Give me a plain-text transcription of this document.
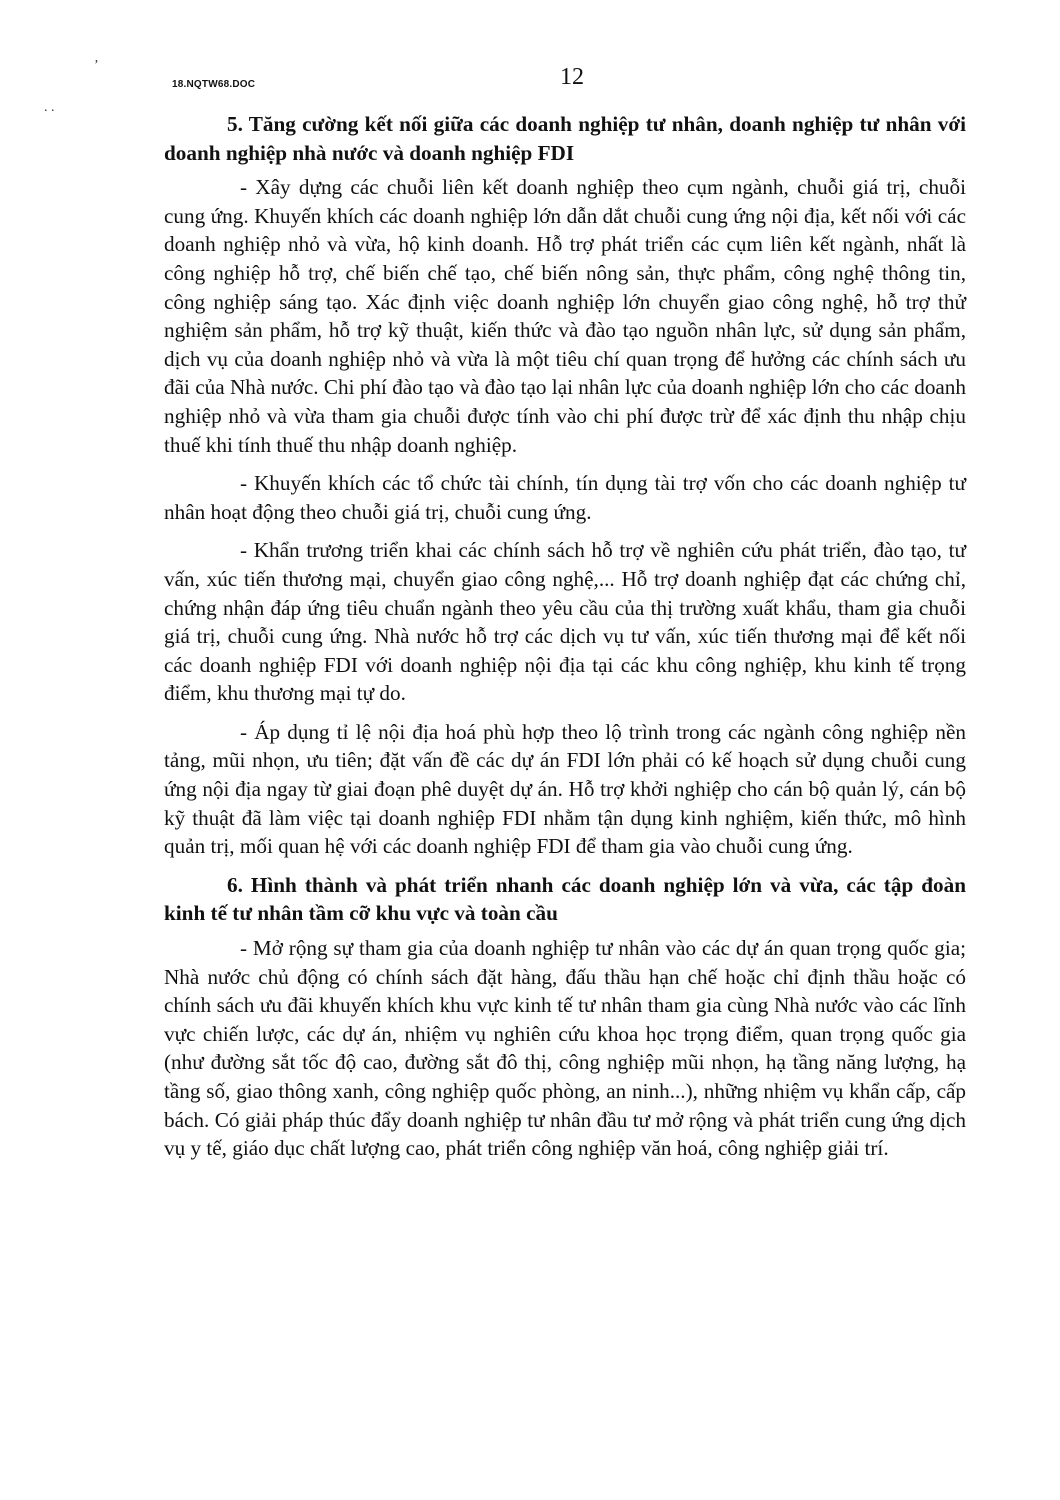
ʼ
. .
18.NQTW68.DOC	12

5. Tăng cường kết nối giữa các doanh nghiệp tư nhân, doanh nghiệp tư nhân với doanh nghiệp nhà nước và doanh nghiệp FDI

- Xây dựng các chuỗi liên kết doanh nghiệp theo cụm ngành, chuỗi giá trị, chuỗi cung ứng. Khuyến khích các doanh nghiệp lớn dẫn dắt chuỗi cung ứng nội địa, kết nối với các doanh nghiệp nhỏ và vừa, hộ kinh doanh. Hỗ trợ phát triển các cụm liên kết ngành, nhất là công nghiệp hỗ trợ, chế biến chế tạo, chế biến nông sản, thực phẩm, công nghệ thông tin, công nghiệp sáng tạo. Xác định việc doanh nghiệp lớn chuyển giao công nghệ, hỗ trợ thử nghiệm sản phẩm, hỗ trợ kỹ thuật, kiến thức và đào tạo nguồn nhân lực, sử dụng sản phẩm, dịch vụ của doanh nghiệp nhỏ và vừa là một tiêu chí quan trọng để hưởng các chính sách ưu đãi của Nhà nước. Chi phí đào tạo và đào tạo lại nhân lực của doanh nghiệp lớn cho các doanh nghiệp nhỏ và vừa tham gia chuỗi được tính vào chi phí được trừ để xác định thu nhập chịu thuế khi tính thuế thu nhập doanh nghiệp.

- Khuyến khích các tổ chức tài chính, tín dụng tài trợ vốn cho các doanh nghiệp tư nhân hoạt động theo chuỗi giá trị, chuỗi cung ứng.

- Khẩn trương triển khai các chính sách hỗ trợ về nghiên cứu phát triển, đào tạo, tư vấn, xúc tiến thương mại, chuyển giao công nghệ,... Hỗ trợ doanh nghiệp đạt các chứng chỉ, chứng nhận đáp ứng tiêu chuẩn ngành theo yêu cầu của thị trường xuất khẩu, tham gia chuỗi giá trị, chuỗi cung ứng. Nhà nước hỗ trợ các dịch vụ tư vấn, xúc tiến thương mại để kết nối các doanh nghiệp FDI với doanh nghiệp nội địa tại các khu công nghiệp, khu kinh tế trọng điểm, khu thương mại tự do.

- Áp dụng tỉ lệ nội địa hoá phù hợp theo lộ trình trong các ngành công nghiệp nền tảng, mũi nhọn, ưu tiên; đặt vấn đề các dự án FDI lớn phải có kế hoạch sử dụng chuỗi cung ứng nội địa ngay từ giai đoạn phê duyệt dự án. Hỗ trợ khởi nghiệp cho cán bộ quản lý, cán bộ kỹ thuật đã làm việc tại doanh nghiệp FDI nhằm tận dụng kinh nghiệm, kiến thức, mô hình quản trị, mối quan hệ với các doanh nghiệp FDI để tham gia vào chuỗi cung ứng.

6. Hình thành và phát triển nhanh các doanh nghiệp lớn và vừa, các tập đoàn kinh tế tư nhân tầm cỡ khu vực và toàn cầu

- Mở rộng sự tham gia của doanh nghiệp tư nhân vào các dự án quan trọng quốc gia; Nhà nước chủ động có chính sách đặt hàng, đấu thầu hạn chế hoặc chỉ định thầu hoặc có chính sách ưu đãi khuyến khích khu vực kinh tế tư nhân tham gia cùng Nhà nước vào các lĩnh vực chiến lược, các dự án, nhiệm vụ nghiên cứu khoa học trọng điểm, quan trọng quốc gia (như đường sắt tốc độ cao, đường sắt đô thị, công nghiệp mũi nhọn, hạ tầng năng lượng, hạ tầng số, giao thông xanh, công nghiệp quốc phòng, an ninh...), những nhiệm vụ khẩn cấp, cấp bách. Có giải pháp thúc đẩy doanh nghiệp tư nhân đầu tư mở rộng và phát triển cung ứng dịch vụ y tế, giáo dục chất lượng cao, phát triển công nghiệp văn hoá, công nghiệp giải trí.
